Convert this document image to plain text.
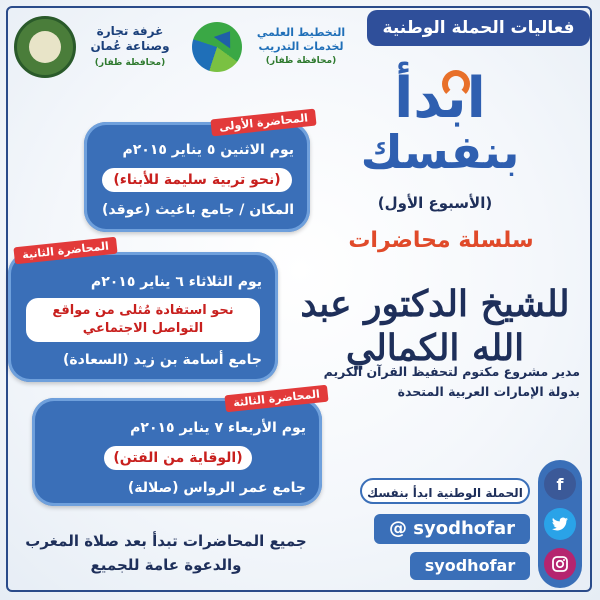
فعاليات الحملة الوطنية
غرفة تجارة وصناعة عُمان
(محافظة ظفار)
التخطيط العلمي لخدمات التدريب
(محافظة ظفار)
ابدأ
بنفسك
(الأسبوع الأول)
سلسلة محاضرات
للشيخ الدكتور عبد الله الكمالي
مدير مشروع مكتوم لتحفيظ القرآن الكريم
بدولة الإمارات العربية المتحدة
المحاضرة الأولى
يوم الاثنين ٥ يناير ٢٠١٥م
(نحو تربية سليمة للأبناء)
المكان / جامع باغيث (عوقد)
المحاضرة الثانية
يوم الثلاثاء ٦ يناير ٢٠١٥م
نحو استفادة مُثلى من مواقع التواصل الاجتماعي
جامع أسامة بن زيد (السعادة)
المحاضرة الثالثة
يوم الأربعاء ٧ يناير ٢٠١٥م
(الوقاية من الفتن)
جامع عمر الرواس (صلالة)
جميع المحاضرات تبدأ بعد صلاة المغرب
والدعوة عامة للجميع
الحملة الوطنية ابدأ بنفسك
@ syodhofar
syodhofar
f
